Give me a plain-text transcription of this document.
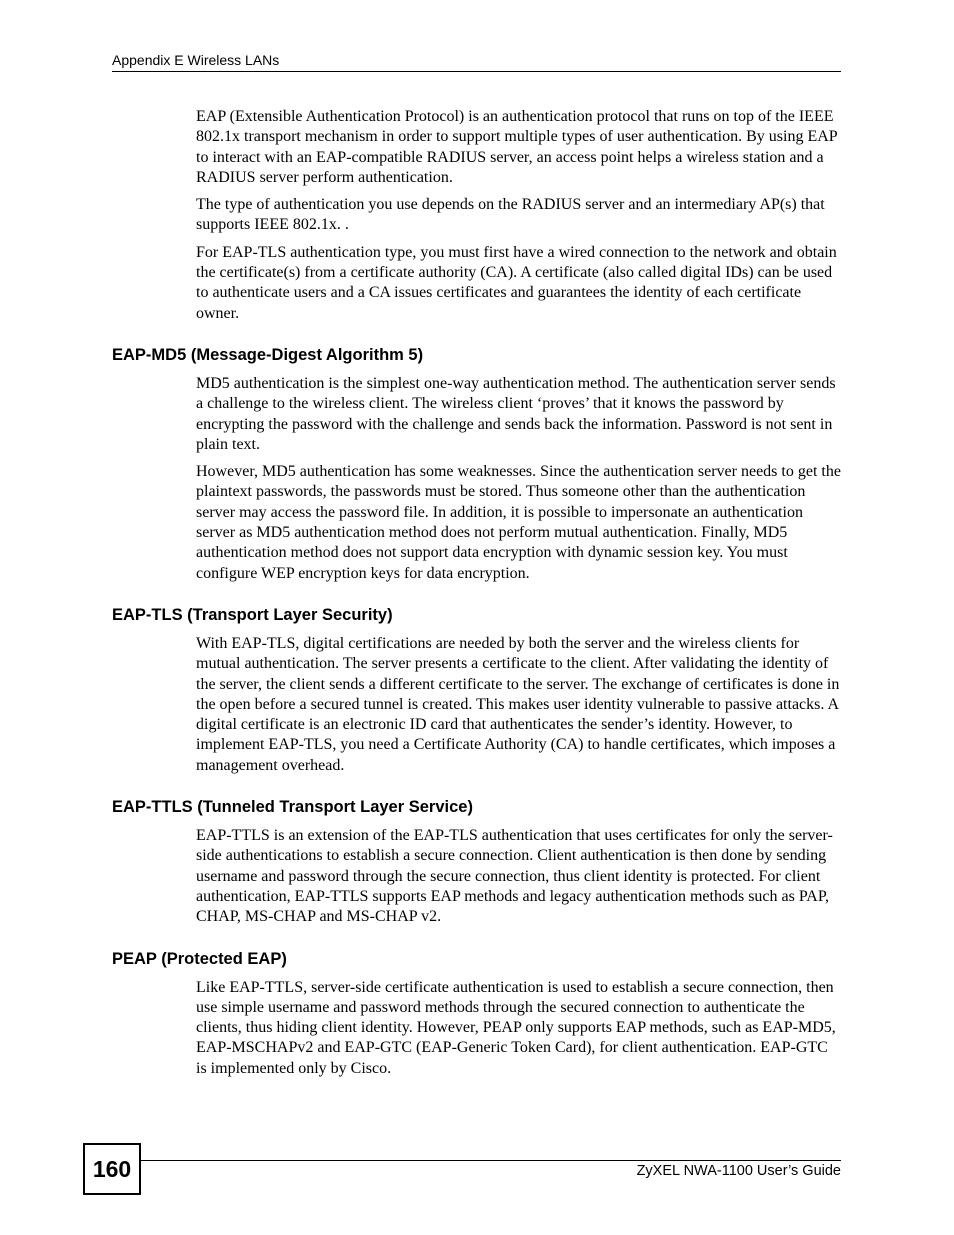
Appendix E Wireless LANs

EAP (Extensible Authentication Protocol) is an authentication protocol that runs on top of the IEEE 802.1x transport mechanism in order to support multiple types of user authentication. By using EAP to interact with an EAP-compatible RADIUS server, an access point helps a wireless station and a RADIUS server perform authentication.

The type of authentication you use depends on the RADIUS server and an intermediary AP(s) that supports IEEE 802.1x. .

For EAP-TLS authentication type, you must first have a wired connection to the network and obtain the certificate(s) from a certificate authority (CA). A certificate (also called digital IDs) can be used to authenticate users and a CA issues certificates and guarantees the identity of each certificate owner.

EAP-MD5 (Message-Digest Algorithm 5)

MD5 authentication is the simplest one-way authentication method. The authentication server sends a challenge to the wireless client. The wireless client ‘proves’ that it knows the password by encrypting the password with the challenge and sends back the information. Password is not sent in plain text.

However, MD5 authentication has some weaknesses. Since the authentication server needs to get the plaintext passwords, the passwords must be stored. Thus someone other than the authentication server may access the password file. In addition, it is possible to impersonate an authentication server as MD5 authentication method does not perform mutual authentication. Finally, MD5 authentication method does not support data encryption with dynamic session key. You must configure WEP encryption keys for data encryption.

EAP-TLS (Transport Layer Security)

With EAP-TLS, digital certifications are needed by both the server and the wireless clients for mutual authentication. The server presents a certificate to the client. After validating the identity of the server, the client sends a different certificate to the server. The exchange of certificates is done in the open before a secured tunnel is created. This makes user identity vulnerable to passive attacks. A digital certificate is an electronic ID card that authenticates the sender’s identity. However, to implement EAP-TLS, you need a Certificate Authority (CA) to handle certificates, which imposes a management overhead.

EAP-TTLS (Tunneled Transport Layer Service)

EAP-TTLS is an extension of the EAP-TLS authentication that uses certificates for only the server-side authentications to establish a secure connection. Client authentication is then done by sending username and password through the secure connection, thus client identity is protected. For client authentication, EAP-TTLS supports EAP methods and legacy authentication methods such as PAP, CHAP, MS-CHAP and MS-CHAP v2.

PEAP (Protected EAP)

Like EAP-TTLS, server-side certificate authentication is used to establish a secure connection, then use simple username and password methods through the secured connection to authenticate the clients, thus hiding client identity. However, PEAP only supports EAP methods, such as EAP-MD5, EAP-MSCHAPv2 and EAP-GTC (EAP-Generic Token Card), for client authentication. EAP-GTC is implemented only by Cisco.

160	ZyXEL NWA-1100 User’s Guide
